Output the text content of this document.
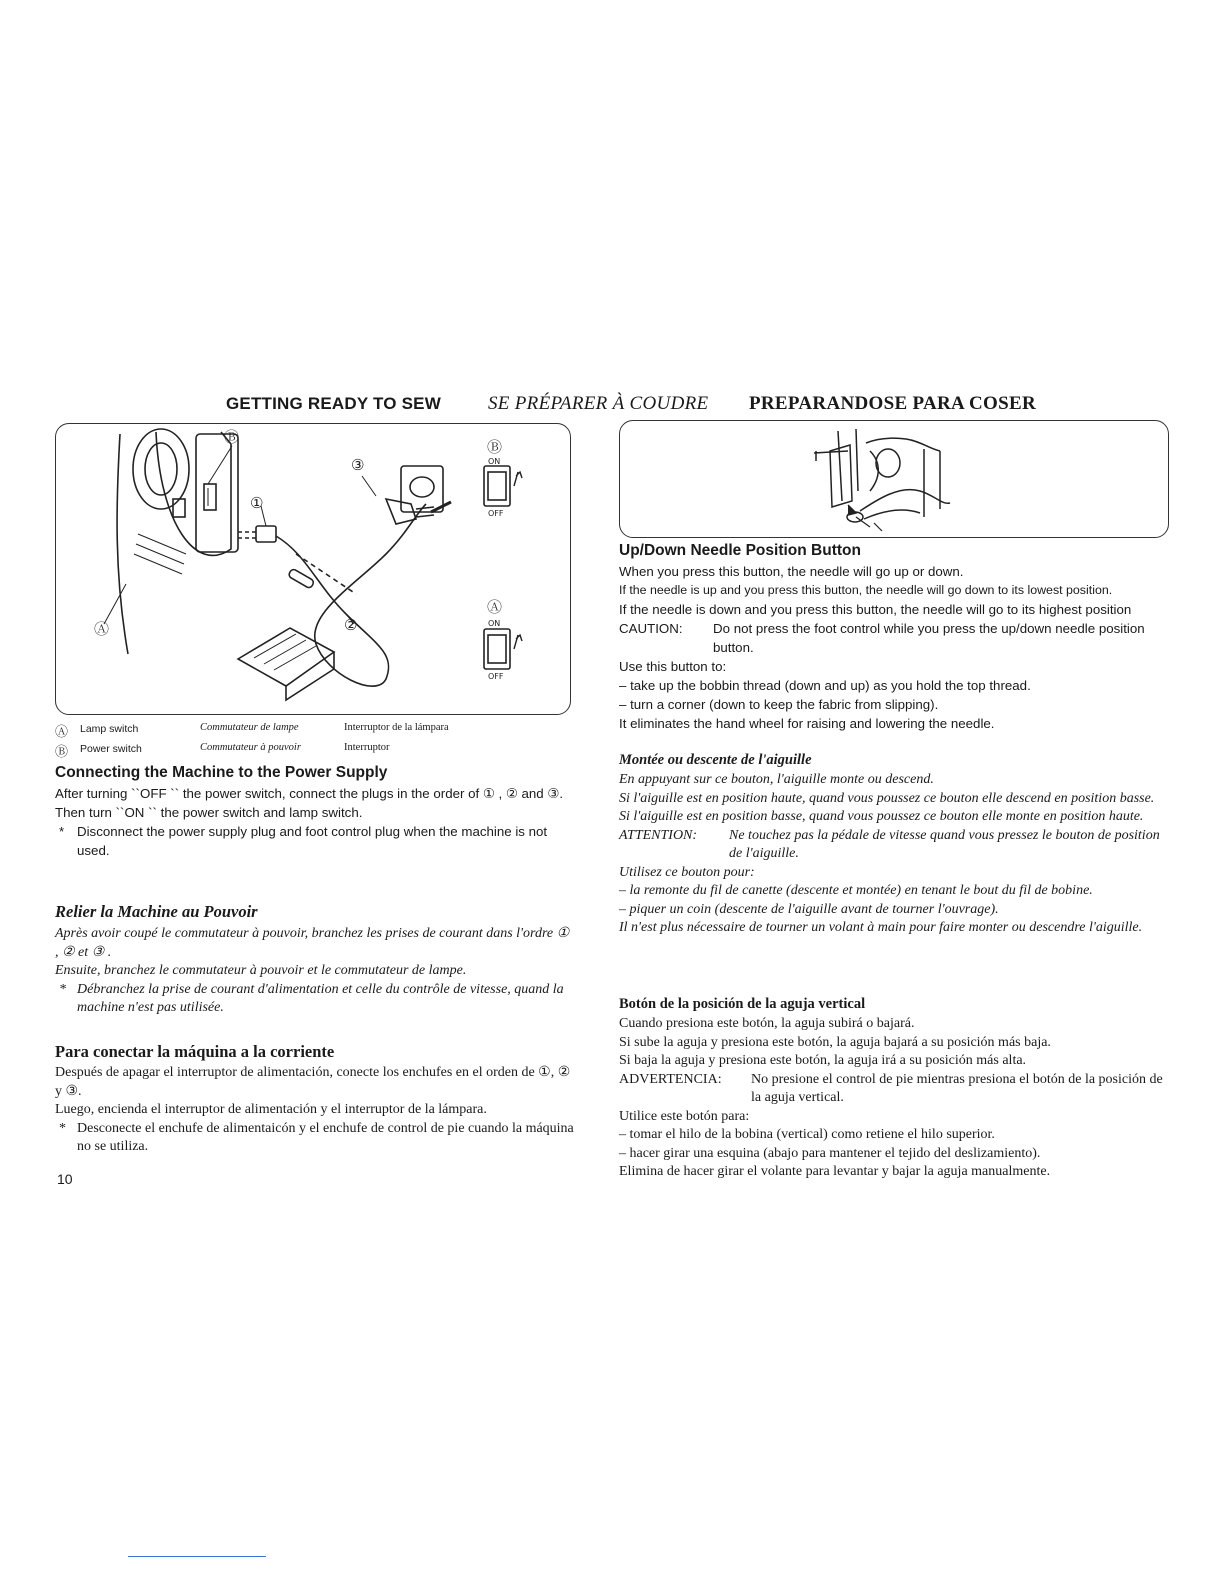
GETTING READY TO SEW SE PRÉPARER À COUDRE PREPARANDOSE PARA COSER
Ⓐ
Ⓑ
①
②
③
Ⓑ
Ⓐ
ON
OFF
ON
OFF
Ⓐ Lamp switch	Commutateur de lampe	Interruptor de la lámpara
Ⓑ Power switch	Commutateur à pouvoir	Interruptor

Connecting the Machine to the Power Supply

After turning ``OFF `` the power switch, connect the plugs in the order of ① , ② and ③.

Then turn ``ON `` the power switch and lamp switch.

* Disconnect the power supply plug and foot control plug when the machine is not used.

Relier la Machine au Pouvoir

Après avoir coupé le commutateur à pouvoir, branchez les prises de courant dans l'ordre ① , ② et ③ .

Ensuite, branchez le commutateur à pouvoir et le commutateur de lampe.

* Débranchez la prise de courant d'alimentation et celle du contrôle de vitesse, quand la machine n'est pas utilisée.

Para conectar la máquina a la corriente

Después de apagar el interruptor de alimentación, conecte los enchufes en el orden de ①, ② y ③.

Luego, encienda el interruptor de alimentación y el interruptor de la lámpara.

* Desconecte el enchufe de alimentaicón y el enchufe de control de pie cuando la máquina no se utiliza.

10

Up/Down Needle Position Button

When you press this button, the needle will go up or down.

If the needle is up and you press this button, the needle will go down to its lowest position.

If the needle is down and you press this button, the needle will go to its highest position

CAUTION:	Do not press the foot control while you press the up/down needle position button.

Use this button to:

– take up the bobbin thread (down and up) as you hold the top thread.

– turn a corner (down to keep the fabric from slipping).

It eliminates the hand wheel for raising and lowering the needle.

Montée ou descente de l'aiguille

En appuyant sur ce bouton, l'aiguille monte ou descend.

Si l'aiguille est en position haute, quand vous poussez ce bouton elle descend en position basse.

Si l'aiguille est en position basse, quand vous poussez ce bouton elle monte en position haute.

ATTENTION:	Ne touchez pas la pédale de vitesse quand vous pressez le bouton de position de l'aiguille.

Utilisez ce bouton pour:

– la remonte du fil de canette (descente et montée) en tenant le bout du fil de bobine.

– piquer un coin (descente de l'aiguille avant de tourner l'ouvrage).

Il n'est plus nécessaire de tourner un volant à main pour faire monter ou descendre l'aiguille.

Botón de la posición de la aguja vertical

Cuando presiona este botón, la aguja subirá o bajará.

Si sube la aguja y presiona este botón, la aguja bajará a su posición más baja.

Si baja la aguja y presiona este botón, la aguja irá a su posición más alta.

ADVERTENCIA:	No presione el control de pie mientras presiona el botón de la posición de la aguja vertical.

Utilice este botón para:

– tomar el hilo de la bobina (vertical) como retiene el hilo superior.

– hacer girar una esquina (abajo para mantener el tejido del deslizamiento).

Elimina de hacer girar el volante para levantar y bajar la aguja manualmente.
